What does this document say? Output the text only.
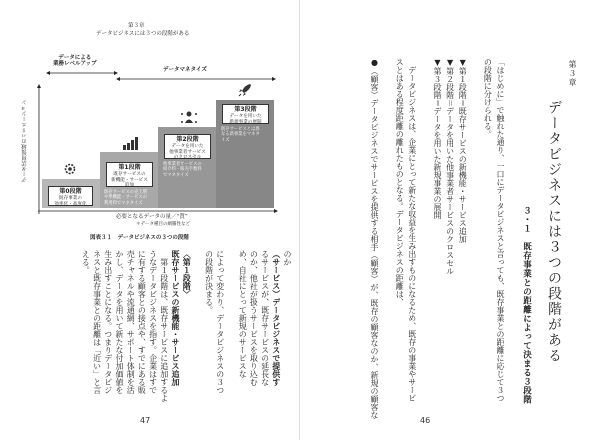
第３章
データビジネスには３つの段階がある
データによる
業務レベルアップ
データマネタイズ
データ活用領域のバリエーション
第0段階
既存事業の
効率化・高度化
第1段階
既存サービスの
新機能・サービス
追加
第2段階
データを用いた
他事業者サービス
のクロスセル
第3段階
データを用いた
新規事業の展開
既存サービスの売上増
や準機能・サービスの
利用料でマネタイズ
他事業者サービスの
紹介料・販売手数料
でマネタイズ
既存サービスとは異
なる新事業をマネタ
イズ
必要となるデータの量／“質”
＊データ種目の網羅性など
図表３１　データビジネスの３つの段階
のか
（サービス）データビジネスで提供す
るサービスが、既存サービスの延長な
のか、他社が扱うサービスを取り込む
め、自社にとって新規のサービスな
によって変わり、データビジネスの３つ
の段階が決まる。
〈第１段階〉
既存サービスの新機能・サービス追加
　第１段階は、既存サービスに追加するよ
うなデータビジネスを指す。企業はすで
に有する顧客との接点や、すでにある販
売チャネルや流通網、サポート体制を活
かし、データを用いて新たな付加価値を
生み出すことになる。つまりデータビジ
ネスと既存事業との距離は「近い」と言
える。
47
第３章
データビジネスには３つの段階がある
３・１　既存事業との距離によって決まる３段階
「はじめに」で触れた通り、一口にデータビジネスと言っても、既存事業との距離に応じて３つ
の段階に分けられる。
▼第１段階＝既存サービスの新機能・サービス追加
▼第２段階＝データを用いた他事業者サービスのクロスセル
▼第３段階＝データを用いた新規事業の展開
　データビジネスは、企業にとって新たな収益を生み出すものになるため、既存の事業やサービ
スとはある程度距離の離れたものとなる。データビジネスの距離は、
●（顧客）データビジネスでサービスを提供する相手（顧客）が、既存の顧客なのか、新規の顧客な
46
